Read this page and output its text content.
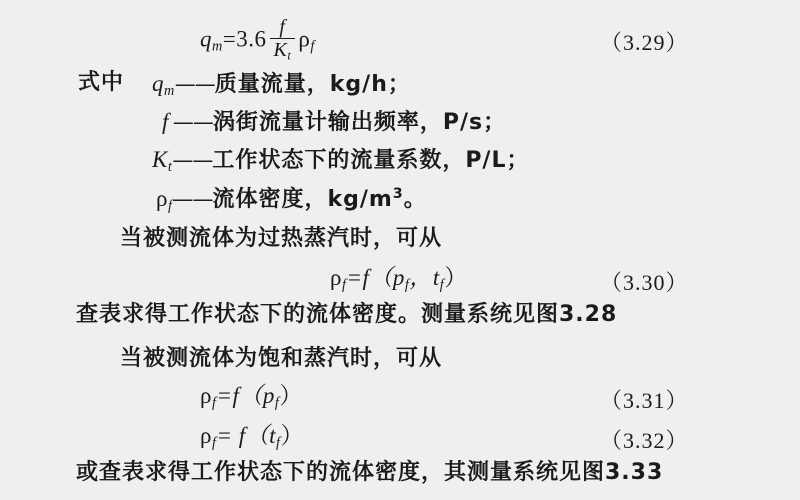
$q_m=3.6 \frac{f}{K_t} \rho_f$	（3.29）
式中 $q_m——$质量流量，kg/h；
f ——涡街流量计输出频率，P/s；
$K_t——$工作状态下的流量系数，P/L；
$\rho_f——$流体密度，$kg/m^3$。
当被测流体为过热蒸汽时，可从
$\rho_f=f(p_f$，$t_f$）	（3.30）
查表求得工作状态下的流体密度。测量系统见图3.28
当被测流体为饱和蒸汽时，可从
$\rho_f=f(p_f)$	（3.31）
$\rho_f= f(t_f)$	（3.32）
或查表求得工作状态下的流体密度，其测量系统见图3.33
